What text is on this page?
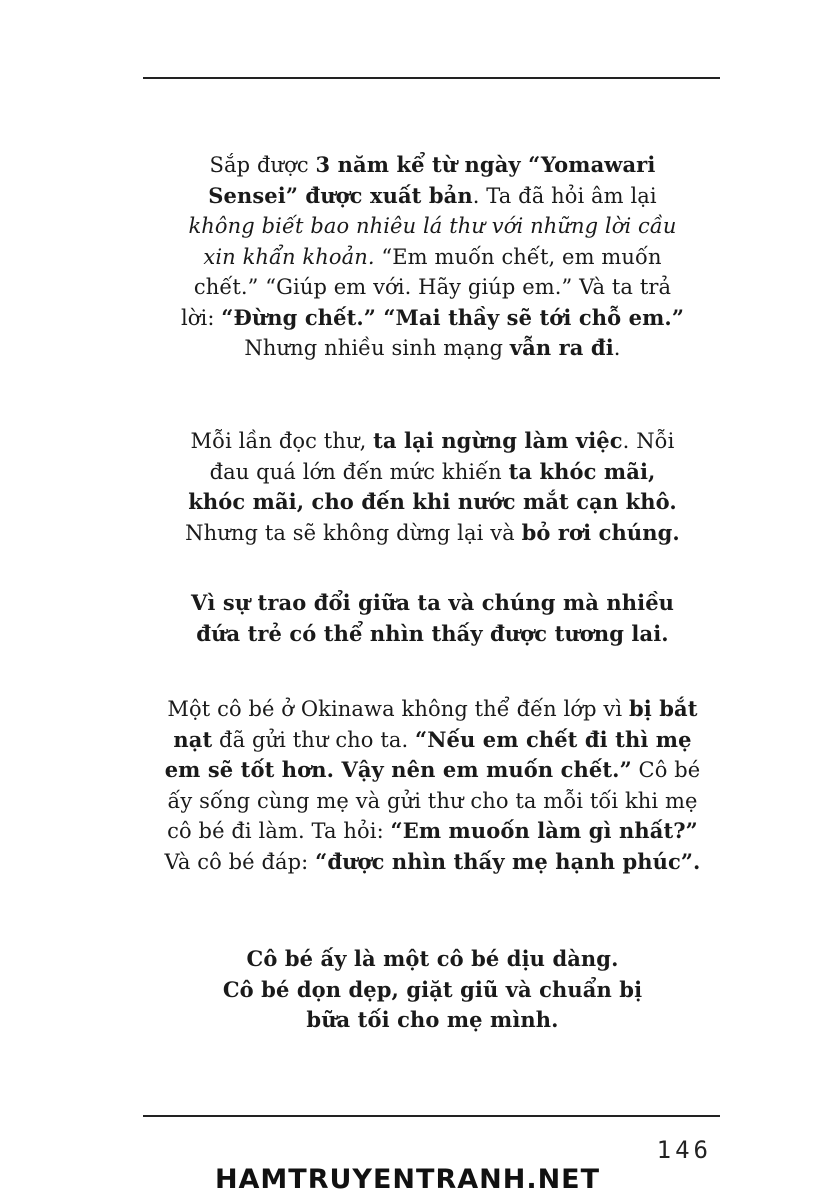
Sắp được 3 năm kể từ ngày “Yomawari
Sensei” được xuất bản. Ta đã hỏi âm lại
không biết bao nhiêu lá thư với những lời cầu
xin khẩn khoản. “Em muốn chết, em muốn
chết.” “Giúp em với. Hãy giúp em.” Và ta trả
lời: “Đừng chết.” “Mai thầy sẽ tới chỗ em.”
Nhưng nhiều sinh mạng vẫn ra đi.
Mỗi lần đọc thư, ta lại ngừng làm việc. Nỗi
đau quá lớn đến mức khiến ta khóc mãi,
khóc mãi, cho đến khi nước mắt cạn khô.
Nhưng ta sẽ không dừng lại và bỏ rơi chúng.
Vì sự trao đổi giữa ta và chúng mà nhiều
đứa trẻ có thể nhìn thấy được tương lai.
Một cô bé ở Okinawa không thể đến lớp vì bị bắt
nạt đã gửi thư cho ta. “Nếu em chết đi thì mẹ
em sẽ tốt hơn. Vậy nên em muốn chết.” Cô bé
ấy sống cùng mẹ và gửi thư cho ta mỗi tối khi mẹ
cô bé đi làm. Ta hỏi: “Em muoốn làm gì nhất?”
Và cô bé đáp: “được nhìn thấy mẹ hạnh phúc”.
Cô bé ấy là một cô bé dịu dàng.
Cô bé dọn dẹp, giặt giũ và chuẩn bị
bữa tối cho mẹ mình.
146
HAMTRUYENTRANH.NET
